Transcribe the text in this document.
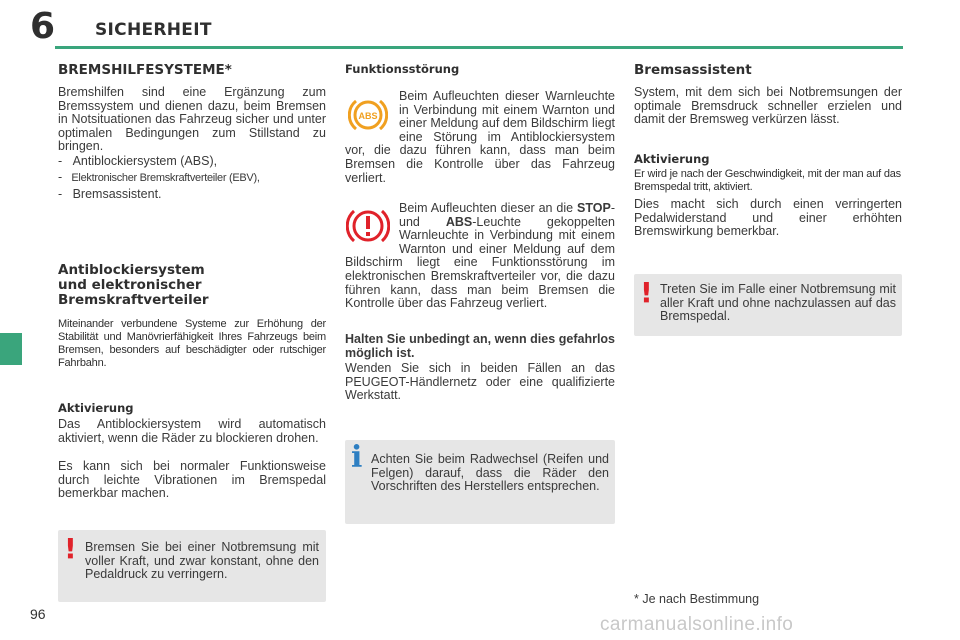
6 SICHERHEIT
BREMSHILFESYSTEME*
Bremshilfen sind eine Ergänzung zum Bremssystem und dienen dazu, beim Bremsen in Notsituationen das Fahrzeug sicher und unter optimalen Bedingungen zum Stillstand zu bringen.
-   Antiblockiersystem (ABS),
-   Elektronischer Bremskraftverteiler (EBV),
-   Bremsassistent.
Antiblockiersystem
und elektronischer
Bremskraftverteiler
Miteinander verbundene Systeme zur Erhöhung der Stabilität und Manövrierfähigkeit Ihres Fahrzeugs beim Bremsen, besonders auf beschädigter oder rutschiger Fahrbahn.
Aktivierung
Das Antiblockiersystem wird automatisch aktiviert, wenn die Räder zu blockieren drohen.
Es kann sich bei normaler Funktionsweise durch leichte Vibrationen im Bremspedal bemerkbar machen.
! Bremsen Sie bei einer Notbremsung mit voller Kraft, und zwar konstant, ohne den Pedaldruck zu verringern.
96
Funktionsstörung
ABS
Beim Aufleuchten dieser Warnleuchte in Verbindung mit einem Warnton und einer Meldung auf dem Bildschirm liegt eine Störung im Antiblockiersystem vor, die dazu führen kann, dass man beim Bremsen die Kontrolle über das Fahrzeug verliert.
Beim Aufleuchten dieser an die STOP- und ABS-Leuchte gekoppelten Warnleuchte in Verbindung mit einem Warnton und einer Meldung auf dem Bildschirm liegt eine Funktionsstörung im elektronischen Bremskraftverteiler vor, die dazu führen kann, dass man beim Bremsen die Kontrolle über das Fahrzeug verliert.
Halten Sie unbedingt an, wenn dies gefahrlos möglich ist.
Wenden Sie sich in beiden Fällen an das PEUGEOT-Händlernetz oder eine qualifizierte Werkstatt.
i Achten Sie beim Radwechsel (Reifen und Felgen) darauf, dass die Räder den Vorschriften des Herstellers entsprechen.
Bremsassistent
System, mit dem sich bei Notbremsungen der optimale Bremsdruck schneller erzielen und damit der Bremsweg verkürzen lässt.
Aktivierung
Er wird je nach der Geschwindigkeit, mit der man auf das Bremspedal tritt, aktiviert.
Dies macht sich durch einen verringerten Pedalwiderstand und einer erhöhten Bremswirkung bemerkbar.
! Treten Sie im Falle einer Notbremsung mit aller Kraft und ohne nachzulassen auf das Bremspedal.
* Je nach Bestimmung
carmanualsonline.info
